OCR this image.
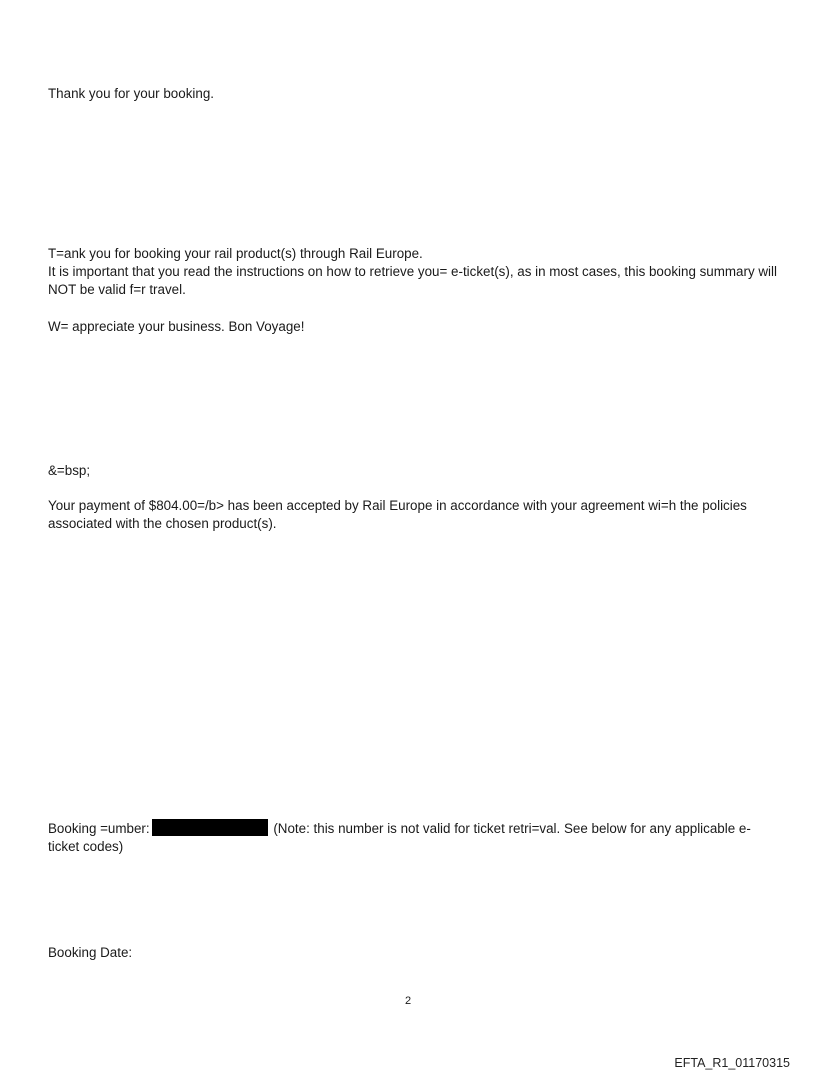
Thank you for your booking.

T=ank you for booking your rail product(s) through Rail Europe.
It is important that you read the instructions on how to retrieve you= e-ticket(s), as in most cases, this booking summary will NOT be valid f=r travel.

W= appreciate your business. Bon Voyage!

&=bsp;

Your payment of $804.00=/b> has been accepted by Rail Europe in accordance with your agreement wi=h the policies associated with the chosen product(s).

Booking =umber:	(Note: this number is not valid for ticket retri=val. See below for any applicable e-ticket codes)

Booking Date:

2
EFTA_R1_01170315
